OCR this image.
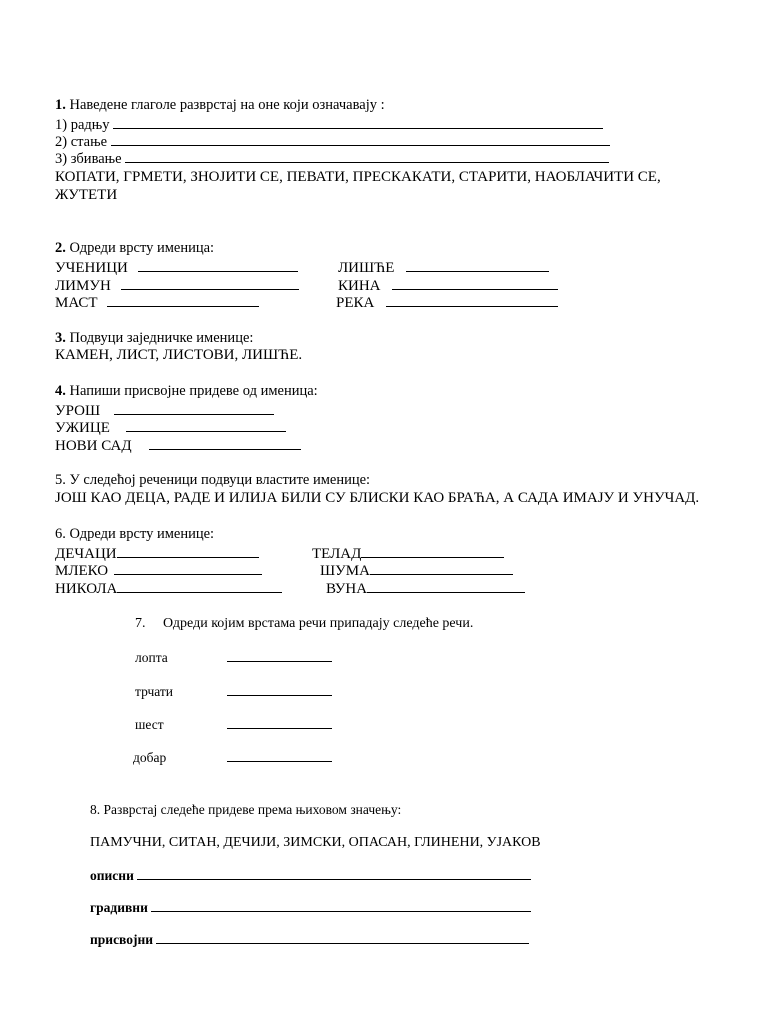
1. Наведене глаголе разврстај на оне који означавају :
1) радњу
2) стање
3) збивање
КОПАТИ, ГРМЕТИ, ЗНОЈИТИ СЕ, ПЕВАТИ, ПРЕСКАКАТИ, СТАРИТИ, НАОБЛАЧИТИ СЕ,
ЖУТЕТИ
2. Одреди врсту именица:
УЧЕНИЦИ
ЛИМУН
МАСТ
ЛИШЋЕ
КИНА
РЕКА
3. Подвуци заједничке именице:
КАМЕН, ЛИСТ, ЛИСТОВИ, ЛИШЋЕ.
4. Напиши присвојне придеве од именица:
УРОШ
УЖИЦЕ
НОВИ САД
5. У следећој реченици подвуци властите именице:
ЈОШ КАО ДЕЦА, РАДЕ И ИЛИЈА БИЛИ СУ БЛИСКИ КАО БРАЋА, А САДА ИМАЈУ И УНУЧАД.
6. Одреди врсту именице:
ДЕЧАЦИ
МЛЕКО
НИКОЛА
ТЕЛАД
ШУМА
ВУНА
7. Одреди којим врстама речи припадају следеће речи.
лопта
трчати
шест
добар
8. Разврстај следеће придеве према њиховом значењу:
ПАМУЧНИ, СИТАН, ДЕЧИЈИ, ЗИМСКИ, ОПАСАН, ГЛИНЕНИ, УЈАКОВ
описни
градивни
присвојни
